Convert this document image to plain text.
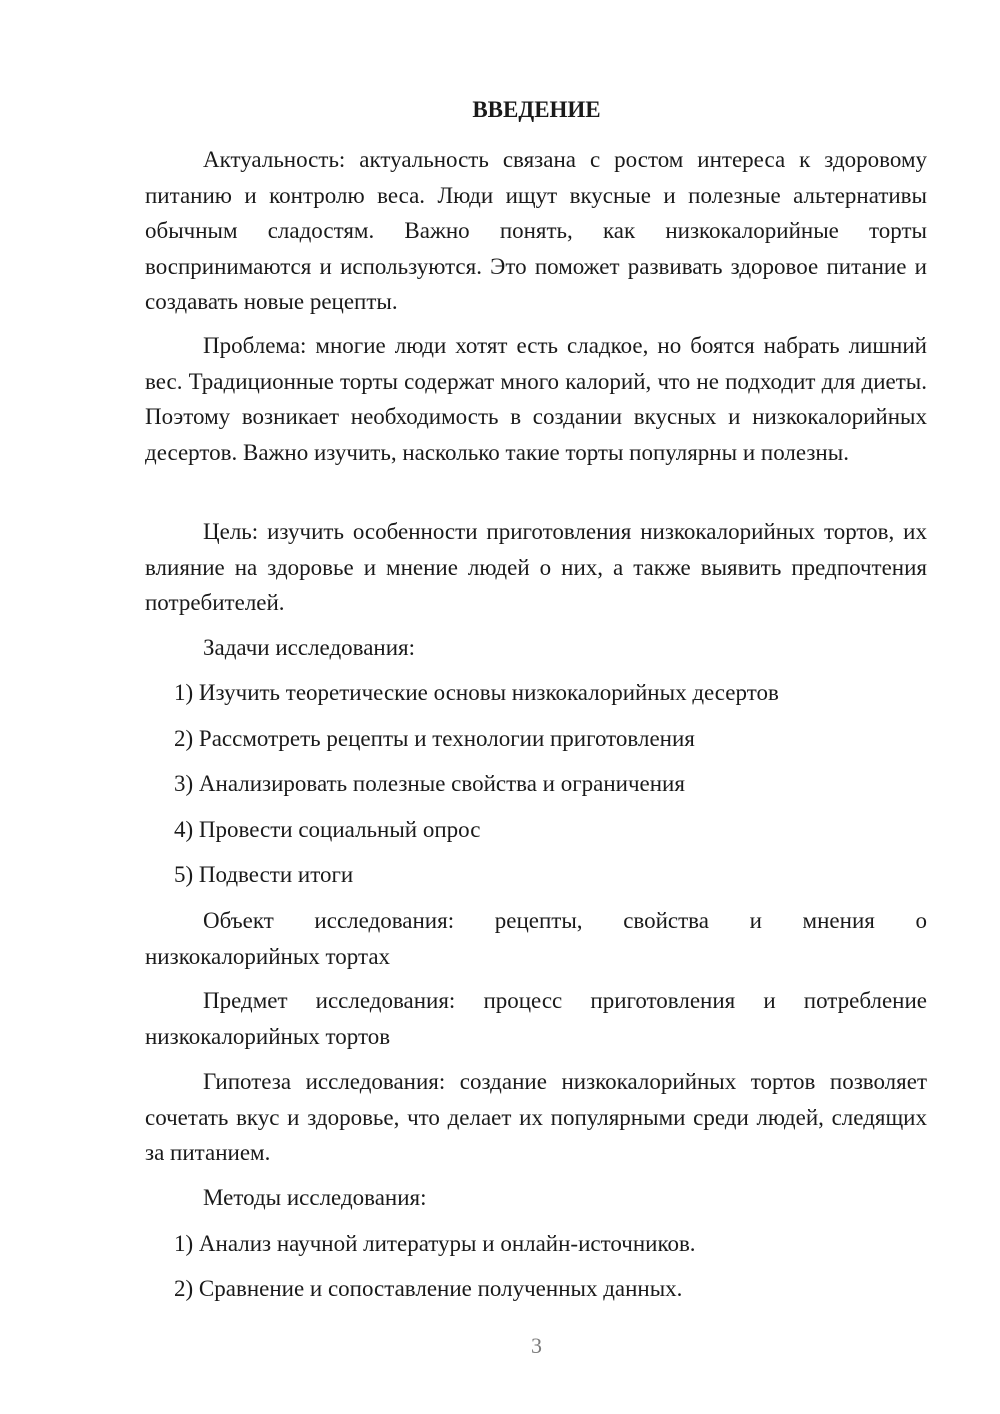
ВВЕДЕНИЕ

Актуальность: актуальность связана с ростом интереса к здоровому питанию и контролю веса. Люди ищут вкусные и полезные альтернативы обычным сладостям. Важно понять, как низкокалорийные торты воспринимаются и используются. Это поможет развивать здоровое питание и создавать новые рецепты.

Проблема: многие люди хотят есть сладкое, но боятся набрать лишний вес. Традиционные торты содержат много калорий, что не подходит для диеты. Поэтому возникает необходимость в создании вкусных и низкокалорийных десертов. Важно изучить, насколько такие торты популярны и полезны.

Цель: изучить особенности приготовления низкокалорийных тортов, их влияние на здоровье и мнение людей о них, а также выявить предпочтения потребителей.

Задачи исследования:

1) Изучить теоретические основы низкокалорийных десертов

2) Рассмотреть рецепты и технологии приготовления

3) Анализировать полезные свойства и ограничения

4) Провести социальный опрос

5) Подвести итоги

Объект исследования: рецепты, свойства и мнения о
низкокалорийных тортах

Предмет исследования: процесс приготовления и потребление низкокалорийных тортов

Гипотеза исследования: создание низкокалорийных тортов позволяет сочетать вкус и здоровье, что делает их популярными среди людей, следящих за питанием.

Методы исследования:

1) Анализ научной литературы и онлайн-источников.

2) Сравнение и сопоставление полученных данных.

3
